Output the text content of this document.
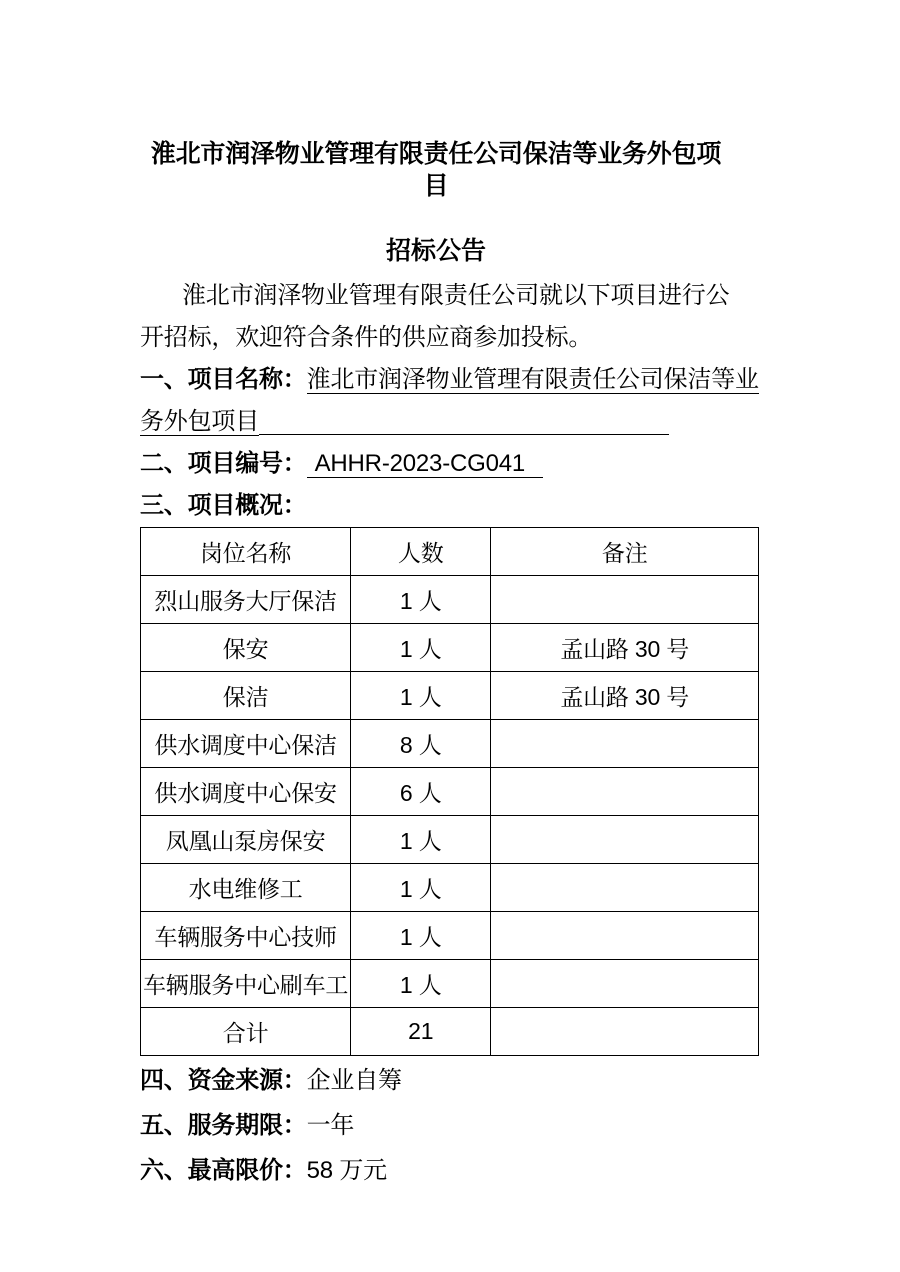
淮北市润泽物业管理有限责任公司保洁等业务外包项目
招标公告

淮北市润泽物业管理有限责任公司就以下项目进行公开招标，欢迎符合条件的供应商参加投标。

一、项目名称：淮北市润泽物业管理有限责任公司保洁等业务外包项目

二、项目编号： AHHR-2023-CG041

三、项目概况：

岗位名称	人数	备注
烈山服务大厅保洁	1 人	
保安	1 人	孟山路 30 号
保洁	1 人	孟山路 30 号
供水调度中心保洁	8 人	
供水调度中心保安	6 人	
凤凰山泵房保安	1 人	
水电维修工	1 人	
车辆服务中心技师	1 人	
车辆服务中心刷车工	1 人	
合计	21	

四、资金来源：企业自筹

五、服务期限：一年

六、最高限价：58 万元
